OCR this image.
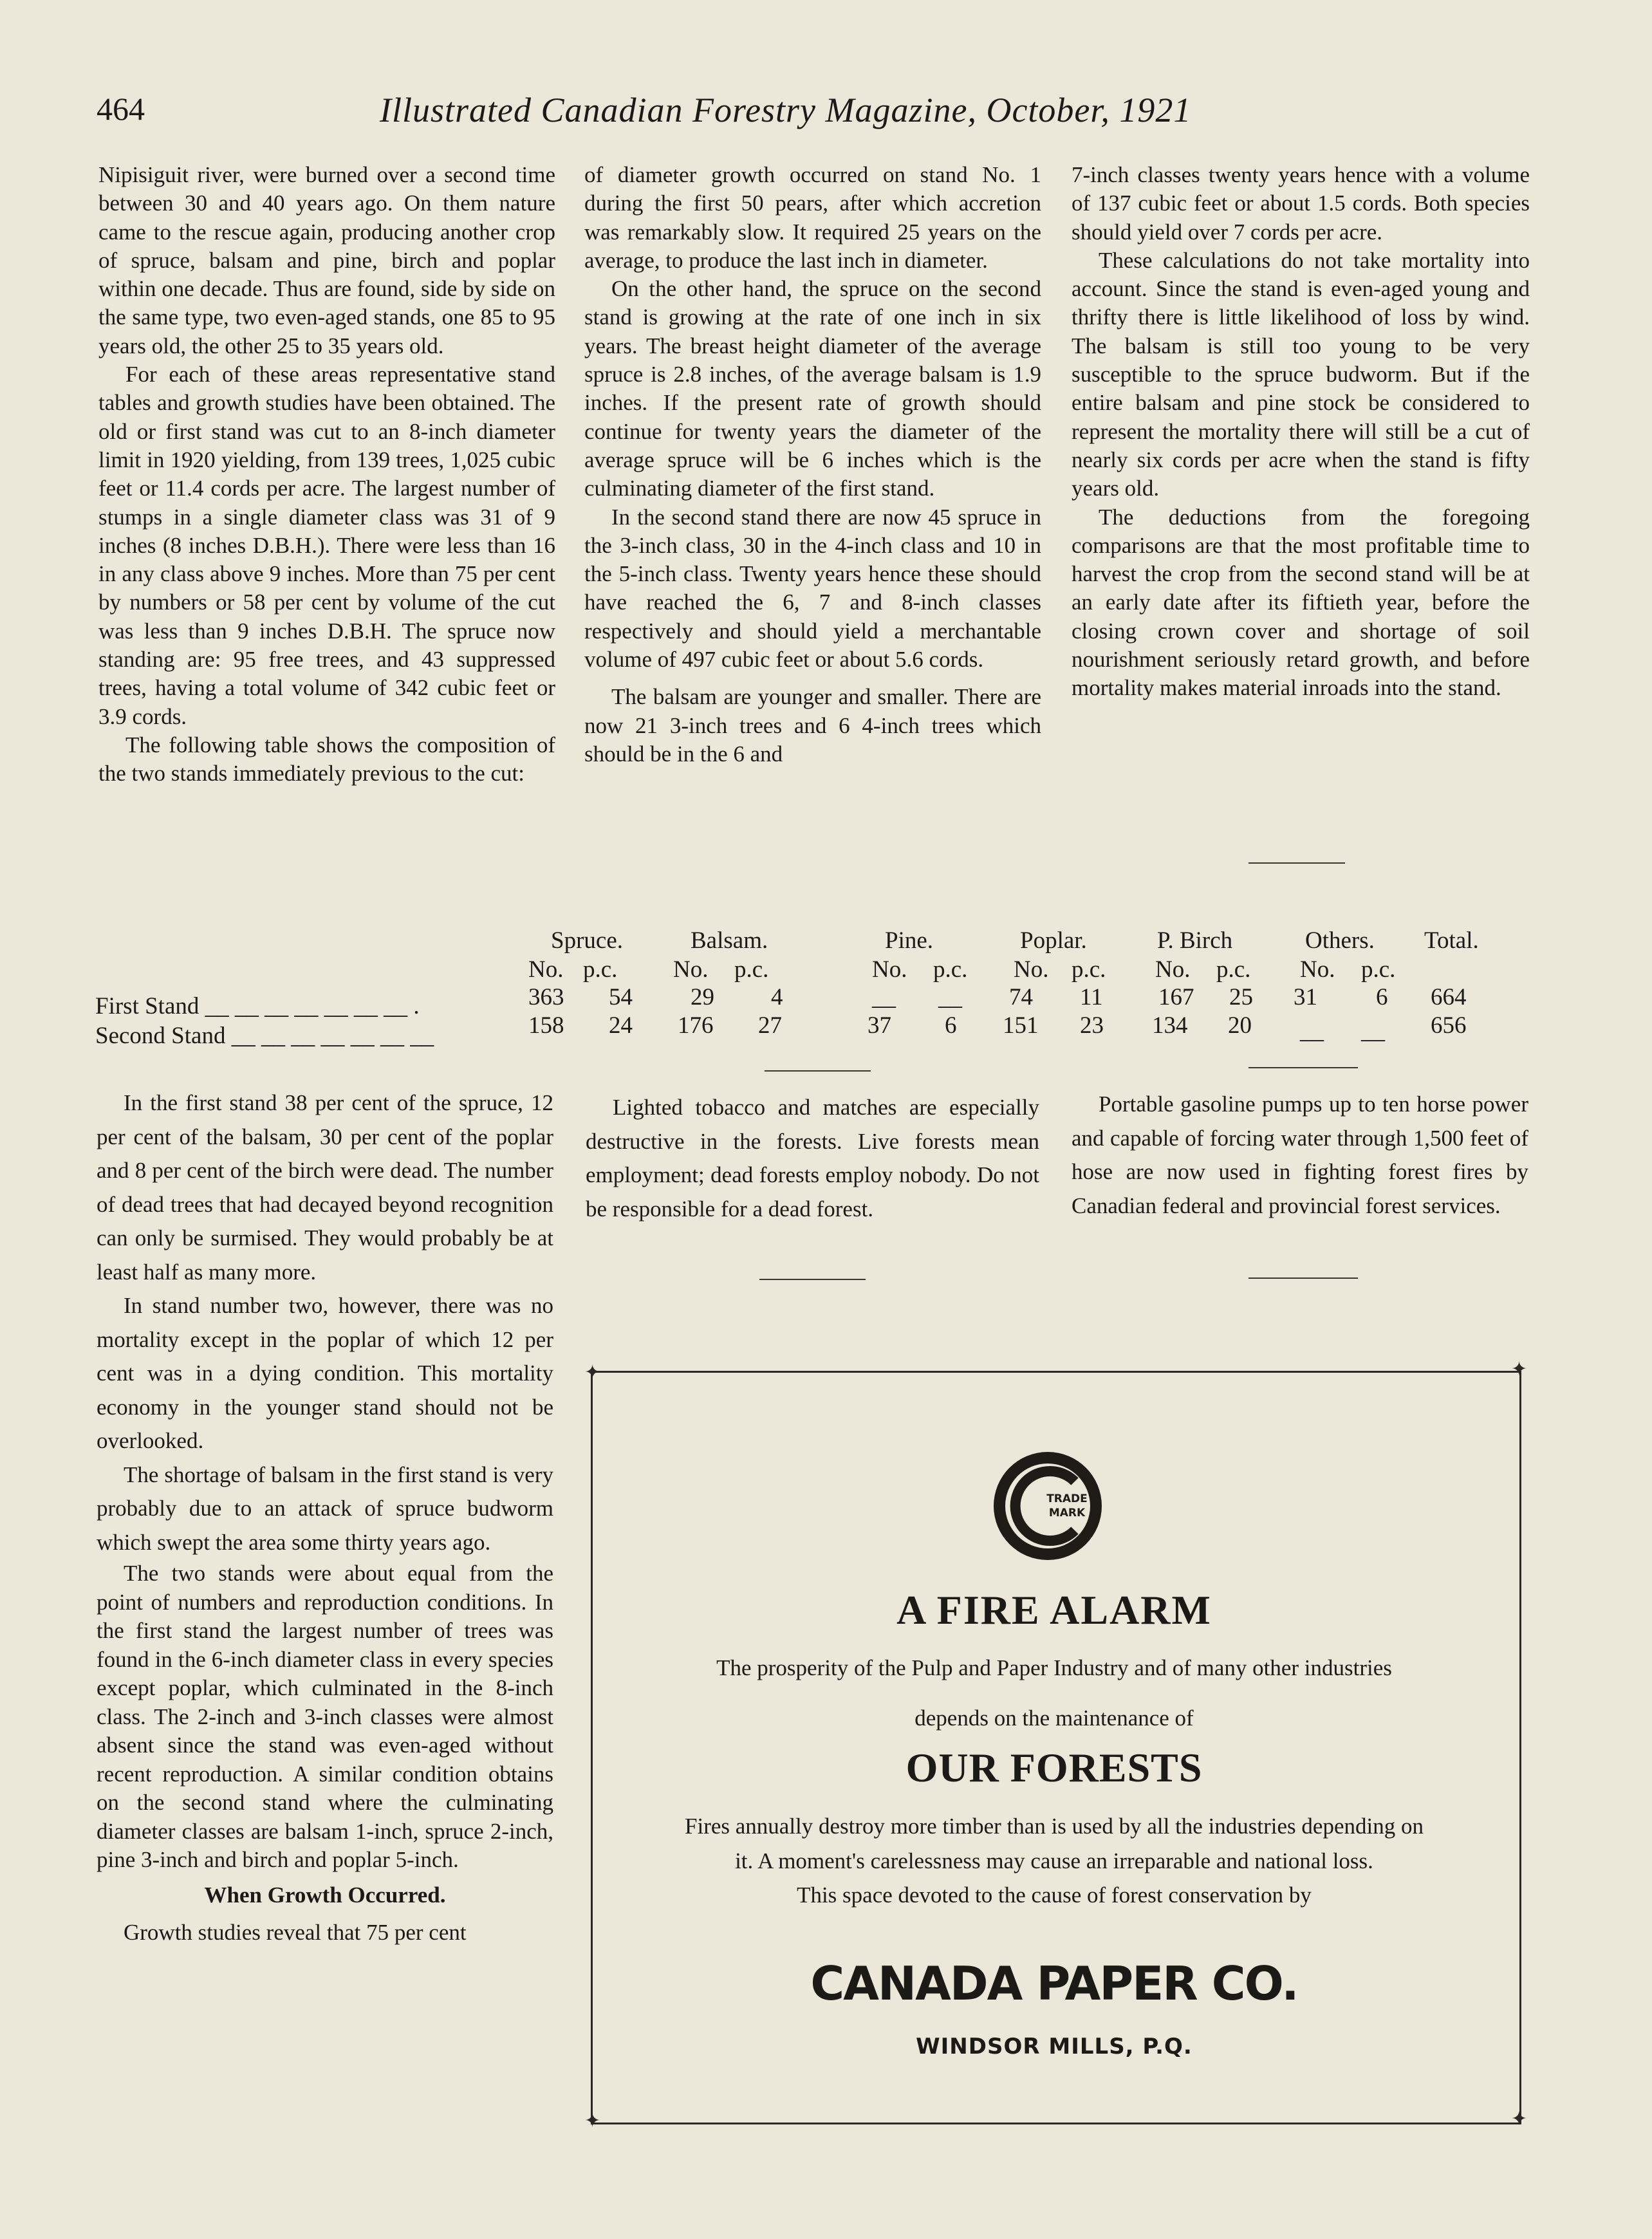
464	Illustrated Canadian Forestry Magazine, October, 1921

Nipisiguit river, were burned over a second time between 30 and 40 years ago. On them nature came to the rescue again, producing another crop of spruce, balsam and pine, birch and poplar within one decade. Thus are found, side by side on the same type, two even-aged stands, one 85 to 95 years old, the other 25 to 35 years old.

For each of these areas representative stand tables and growth studies have been obtained. The old or first stand was cut to an 8-inch diameter limit in 1920 yielding, from 139 trees, 1,025 cubic feet or 11.4 cords per acre. The largest number of stumps in a single diameter class was 31 of 9 inches (8 inches D.B.H.). There were less than 16 in any class above 9 inches. More than 75 per cent by numbers or 58 per cent by volume of the cut was less than 9 inches D.B.H. The spruce now standing are: 95 free trees, and 43 suppressed trees, having a total volume of 342 cubic feet or 3.9 cords.

The following table shows the composition of the two stands immediately previous to the cut:

of diameter growth occurred on stand No. 1 during the first 50 pears, after which accretion was remarkably slow. It required 25 years on the average, to produce the last inch in diameter.

On the other hand, the spruce on the second stand is growing at the rate of one inch in six years. The breast height diameter of the average spruce is 2.8 inches, of the average balsam is 1.9 inches. If the present rate of growth should continue for twenty years the diameter of the average spruce will be 6 inches which is the culminating diameter of the first stand.

In the second stand there are now 45 spruce in the 3-inch class, 30 in the 4-inch class and 10 in the 5-inch class. Twenty years hence these should have reached the 6, 7 and 8-inch classes respectively and should yield a merchantable volume of 497 cubic feet or about 5.6 cords.

The balsam are younger and smaller. There are now 21 3-inch trees and 6 4-inch trees which should be in the 6 and

7-inch classes twenty years hence with a volume of 137 cubic feet or about 1.5 cords. Both species should yield over 7 cords per acre.

These calculations do not take mortality into account. Since the stand is even-aged young and thrifty there is little likelihood of loss by wind. The balsam is still too young to be very susceptible to the spruce budworm. But if the entire balsam and pine stock be considered to represent the mortality there will still be a cut of nearly six cords per acre when the stand is fifty years old.

The deductions from the foregoing comparisons are that the most profitable time to harvest the crop from the second stand will be at an early date after its fiftieth year, before the closing crown cover and shortage of soil nourishment seriously retard growth, and before mortality makes material inroads into the stand.

Spruce.	Balsam.	Pine.	Poplar.	P. Birch	Others. Total.
No. p.c. No. p.c.	No. p.c. No. p.c. No. p.c. No. p.c.
First Stand __ __ __ __ __ __ __ .	363 54 29 4	__ __ 74 11 167 25 31 6 664
Second Stand __ __ __ __ __ __ __	158 24 176 27	37 6 151 23 134 20 __ __ 656

In the first stand 38 per cent of the spruce, 12 per cent of the balsam, 30 per cent of the poplar and 8 per cent of the birch were dead. The number of dead trees that had decayed beyond recognition can only be surmised. They would probably be at least half as many more.

In stand number two, however, there was no mortality except in the poplar of which 12 per cent was in a dying condition. This mortality economy in the younger stand should not be overlooked.

The shortage of balsam in the first stand is very probably due to an attack of spruce budworm which swept the area some thirty years ago.

The two stands were about equal from the point of numbers and reproduction conditions. In the first stand the largest number of trees was found in the 6-inch diameter class in every species except poplar, which culminated in the 8-inch class. The 2-inch and 3-inch classes were almost absent since the stand was even-aged without recent reproduction. A similar condition obtains on the second stand where the culminating diameter classes are balsam 1-inch, spruce 2-inch, pine 3-inch and birch and poplar 5-inch.

When Growth Occurred.

Growth studies reveal that 75 per cent

Lighted tobacco and matches are especially destructive in the forests. Live forests mean employment; dead forests employ nobody. Do not be responsible for a dead forest.

Portable gasoline pumps up to ten horse power and capable of forcing water through 1,500 feet of hose are now used in fighting forest fires by Canadian federal and provincial forest services.

✦	✦
✦	✦
TRADE
MARK
A FIRE ALARM
The prosperity of the Pulp and Paper Industry and of many other industries
depends on the maintenance of
OUR FORESTS
Fires annually destroy more timber than is used by all the industries depending on
it. A moment's carelessness may cause an irreparable and national loss.
This space devoted to the cause of forest conservation by
CANADA PAPER CO.
WINDSOR MILLS, P.Q.
